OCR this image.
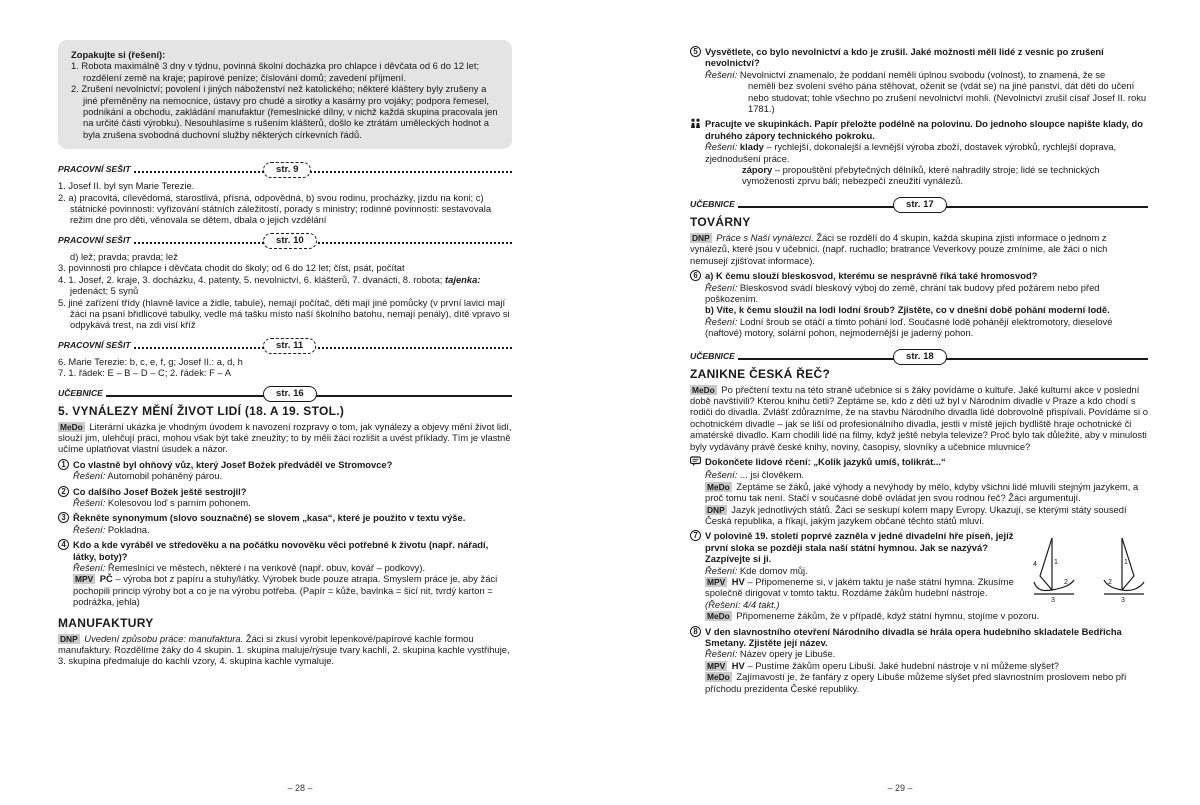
Zopakujte si (řešení):

1. Robota maximálně 3 dny v týdnu, povinná školní docházka pro chlapce i děvčata od 6 do 12 let; rozdělení země na kraje; papírové peníze; číslování domů; zavedení příjmení.

2. Zrušení nevolnictví; povolení i jiných náboženství než katolického; některé kláštery byly zrušeny a jiné přeměněny na nemocnice, ústavy pro chudé a sirotky a kasárny pro vojáky; podpora řemesel, podnikání a obchodu, zakládání manufaktur (řemeslnické dílny, v nichž každá skupina pracovala jen na určité části výrobku). Nesouhlasíme s rušením klášterů, došlo ke ztrátám uměleckých hodnot a byla zrušena svobodná duchovní služby některých církevních řádů.

PRACOVNÍ SEŠIT	str. 9

1. Josef II. byl syn Marie Terezie.

2. a) pracovitá, cílevědomá, starostlivá, přísná, odpovědná, b) svou rodinu, procházky, jízdu na koni; c) státnické povinnosti: vyřizování státních záležitostí, porady s ministry; rodinné povinnosti: sestavovala režim dne pro děti, věnovala se dětem, dbala o jejich vzdělání

PRACOVNÍ SEŠIT	str. 10

d) lež; pravda; pravda; lež

3. povinnosti pro chlapce i děvčata chodit do školy; od 6 do 12 let; číst, psát, počítat

4. 1. Josef, 2. kraje, 3. docházku, 4. patenty, 5. nevolnictví, 6. klášterů, 7. dvanácti, 8. robota; tajenka: jedenáct; 5 synů

5. jiné zařízení třídy (hlavně lavice a židle, tabule), nemají počítač, děti mají jiné pomůcky (v první lavici mají žáci na psaní břidlicové tabulky, vedle má tašku místo naší školního batohu, nemají penály), dítě vpravo si odpykává trest, na zdi visí kříž

PRACOVNÍ SEŠIT	str. 11

6. Marie Terezie: b, c, e, f, g; Josef II.: a, d, h

7. 1. řádek: E – B – D – C; 2. řádek: F – A

UČEBNICE	str. 16

5. VYNÁLEZY MĚNÍ ŽIVOT LIDÍ (18. A 19. STOL.)

MeDo Literární ukázka je vhodným úvodem k navození rozpravy o tom, jak vynálezy a objevy mění život lidí, slouží jim, ulehčují práci, mohou však být také zneužity; to by měli žáci rozlišit a uvést příklady. Tím je vlastně učíme uplatňovat vlastní úsudek a názor.

1 Co vlastně byl ohňový vůz, který Josef Božek předváděl ve Stromovce?

Řešení: Automobil poháněný párou.

2 Co dalšího Josef Božek ještě sestrojil?

Řešení: Kolesovou loď s parním pohonem.

3 Řekněte synonymum (slovo souznačné) se slovem „kasa“, které je použito v textu výše.

Řešení: Pokladna.

4 Kdo a kde vyráběl ve středověku a na počátku novověku věci potřebné k životu (např. nářadí, látky, boty)?

Řešení: Řemeslníci ve městech, některé i na venkově (např. obuv, kovář – podkovy).

MPV PČ – výroba bot z papíru a stuhy/látky. Výrobek bude pouze atrapa. Smyslem práce je, aby žáci pochopili princip výroby bot a co je na výrobu potřeba. (Papír = kůže, bavlnka = šicí nit, tvrdý karton = podrážka, jehla)

MANUFAKTURY

DNP Uvedení způsobu práce: manufaktura. Žáci si zkusí vyrobit lepenkové/papírové kachle formou manufaktury. Rozdělíme žáky do 4 skupin. 1. skupina maluje/rýsuje tvary kachlí, 2. skupina kachle vystřihuje, 3. skupina předmaluje do kachlí vzory, 4. skupina kachle vymaluje.

– 28 –
5 Vysvětlete, co bylo nevolnictví a kdo je zrušil. Jaké možnosti měli lidé z vesnic po zrušení nevolnictví?

Řešení: Nevolnictví znamenalo, že poddaní neměli úplnou svobodu (volnost), to znamená, že se

neměli bez svolení svého pána stěhovat, oženit se (vdát se) na jiné panství, dát děti do učení nebo studovat; tohle všechno po zrušení nevolnictví mohli. (Nevolnictví zrušil císař Josef II. roku 1781.)

Pracujte ve skupinkách. Papír přeložte podélně na polovinu. Do jednoho sloupce napište klady, do druhého zápory technického pokroku.

Řešení: klady – rychlejší, dokonalejší a levnější výroba zboží, dostavek výrobků, rychlejší doprava, zjednodušení práce.

zápory – propouštění přebytečných dělníků, které nahradily stroje; lidé se technických vymožeností zprvu báli; nebezpečí zneužití vynálezů.

UČEBNICE	str. 17

TOVÁRNY

DNP Práce s Naší vynálezci. Žáci se rozdělí do 4 skupin, každá skupina zjistí informace o jednom z vynálezů, které jsou v učebnici. (např. ruchadlo; bratrance Veverkovy pouze zmíníme, ale žáci o nich nemusejí zjišťovat informace).

6 a) K čemu slouží bleskosvod, kterému se nesprávně říká také hromosvod?

Řešení: Bleskosvod svádí bleskový výboj do země, chrání tak budovy před požárem nebo před poškozením.

b) Víte, k čemu sloužil na lodi lodní šroub? Zjistěte, co v dnešní době pohání moderní lodě.

Řešení: Lodní šroub se otáčí a tímto pohání loď. Současné lodě pohánějí elektromotory, dieselové (naftové) motory, solární pohon, nejmodernější je jaderný pohon.

UČEBNICE	str. 18

ZANIKNE ČESKÁ ŘEČ?

MeDo Po přečtení textu na této straně učebnice si s žáky povídáme o kultuře. Jaké kulturní akce v poslední době navštívili? Kterou knihu četli? Zeptáme se, kdo z dětí už byl v Národním divadle v Praze a kdo chodí s rodiči do divadla. Zvlášť zdůrazníme, že na stavbu Národního divadla lidé dobrovolně přispívali. Povídáme si o ochotnickém divadle – jak se liší od profesionálního divadla, jestli v místě jejich bydliště hraje ochotnické či amatérské divadlo. Kam chodili lidé na filmy, když ještě nebyla televize? Proč bylo tak důležité, aby v minulosti byly vydávány právě české knihy, noviny, časopisy, slovníky a učebnice mluvnice?

Dokončete lidové rčení: „Kolik jazyků umíš, tolikrát...“

Řešení: ... jsi člověkem.

MeDo Zeptáme se žáků, jaké výhody a nevýhody by mělo, kdyby všichni lidé mluvili stejným jazykem, a proč tomu tak není. Stačí v současné době ovládat jen svou rodnou řeč? Žáci argumentují.

DNP Jazyk jednotlivých států. Žáci se seskupí kolem mapy Evropy. Ukazují, se kterými státy sousedí Česká republika, a říkají, jakým jazykem občané těchto států mluví.

7 V polovině 19. století poprvé zazněla v jedné divadelní hře píseň, jejíž první sloka se později stala naší státní hymnou. Jak se nazývá? Zazpívejte si ji.

Řešení: Kde domov můj.

MPV HV – Připomeneme si, v jakém taktu je naše státní hymna. Zkusíme společně dirigovat v tomto taktu. Rozdáme žákům hudební nástroje.

(Řešení: 4/4 takt.)

MeDo Připomeneme žákům, že v případě, když státní hymnu, stojíme v pozoru.

4 1
2
3
1
2
3
8 V den slavnostního otevření Národního divadla se hrála opera hudebního skladatele Bedřicha Smetany. Zjistěte její název.

Řešení: Název opery je Libuše.

MPV HV – Pustíme žákům operu Libuši. Jaké hudební nástroje v ní můžeme slyšet?

MeDo Zajímavostí je, že fanfáry z opery Libuše můžeme slyšet před slavnostním proslovem nebo při příchodu prezidenta České republiky.

– 29 –
